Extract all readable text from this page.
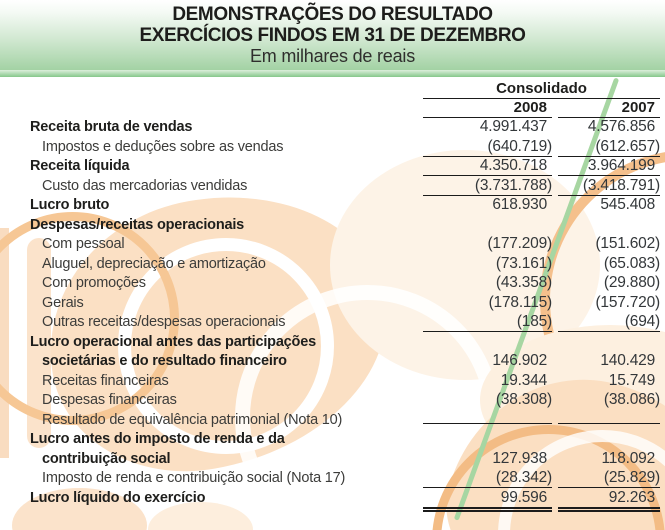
DEMONSTRAÇÕES DO RESULTADO
EXERCÍCIOS FINDOS EM 31 DE DEZEMBRO
Em milhares de reais
Consolidado
2008	2007
Receita bruta de vendas	4.991.437	4.576.856
Impostos e deduções sobre as vendas	(640.719)	(612.657)
Receita líquida	4.350.718	3.964.199
Custo das mercadorias vendidas	(3.731.788)	(3.418.791)
Lucro bruto	618.930	545.408
Despesas/receitas operacionais
Com pessoal	(177.209)	(151.602)
Aluguel, depreciação e amortização	(73.161)	(65.083)
Com promoções	(43.358)	(29.880)
Gerais	(178.115)	(157.720)
Outras receitas/despesas operacionais	(185)	(694)
Lucro operacional antes das participações
societárias e do resultado financeiro	146.902	140.429
Receitas financeiras	19.344	15.749
Despesas financeiras	(38.308)	(38.086)
Resultado de equivalência patrimonial (Nota 10)
Lucro antes do imposto de renda e da
contribuição social	127.938	118.092
Imposto de renda e contribuição social (Nota 17)	(28.342)	(25.829)
Lucro líquido do exercício	99.596	92.263
